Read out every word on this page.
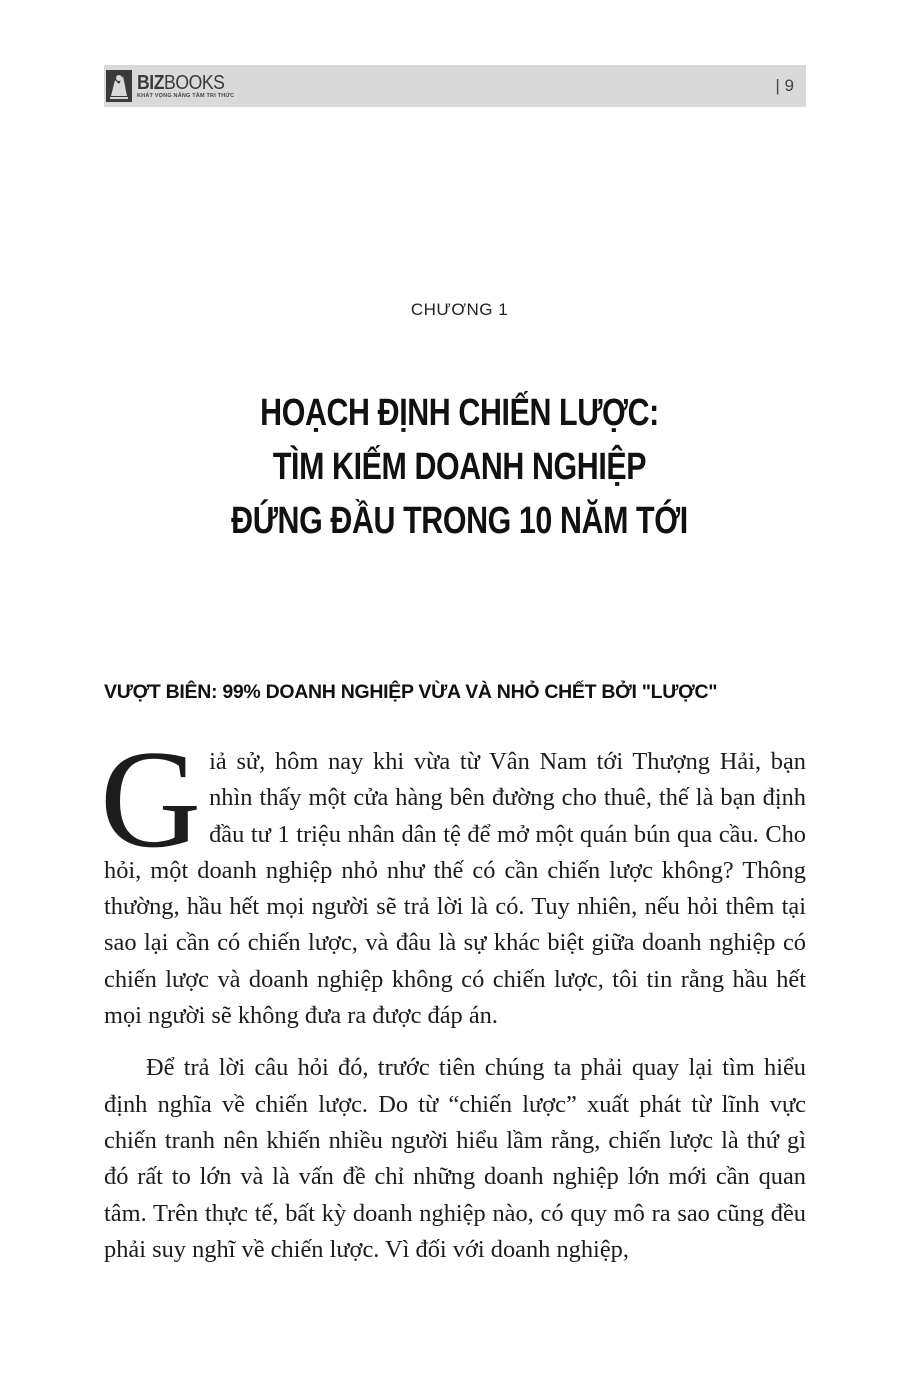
BIZBOOKS
KHÁT VỌNG NÂNG TẦM TRI THỨC
| 9
CHƯƠNG 1
HOẠCH ĐỊNH CHIẾN LƯỢC:
TÌM KIẾM DOANH NGHIỆP
ĐỨNG ĐẦU TRONG 10 NĂM TỚI
VƯỢT BIÊN: 99% DOANH NGHIỆP VỪA VÀ NHỎ CHẾT BỞI "LƯỢC"

Giả sử, hôm nay khi vừa từ Vân Nam tới Thượng Hải, bạn nhìn thấy một cửa hàng bên đường cho thuê, thế là bạn định đầu tư 1 triệu nhân dân tệ để mở một quán bún qua cầu. Cho hỏi, một doanh nghiệp nhỏ như thế có cần chiến lược không? Thông thường, hầu hết mọi người sẽ trả lời là có. Tuy nhiên, nếu hỏi thêm tại sao lại cần có chiến lược, và đâu là sự khác biệt giữa doanh nghiệp có chiến lược và doanh nghiệp không có chiến lược, tôi tin rằng hầu hết mọi người sẽ không đưa ra được đáp án.

Để trả lời câu hỏi đó, trước tiên chúng ta phải quay lại tìm hiểu định nghĩa về chiến lược. Do từ “chiến lược” xuất phát từ lĩnh vực chiến tranh nên khiến nhiều người hiểu lầm rằng, chiến lược là thứ gì đó rất to lớn và là vấn đề chỉ những doanh nghiệp lớn mới cần quan tâm. Trên thực tế, bất kỳ doanh nghiệp nào, có quy mô ra sao cũng đều phải suy nghĩ về chiến lược. Vì đối với doanh nghiệp,
